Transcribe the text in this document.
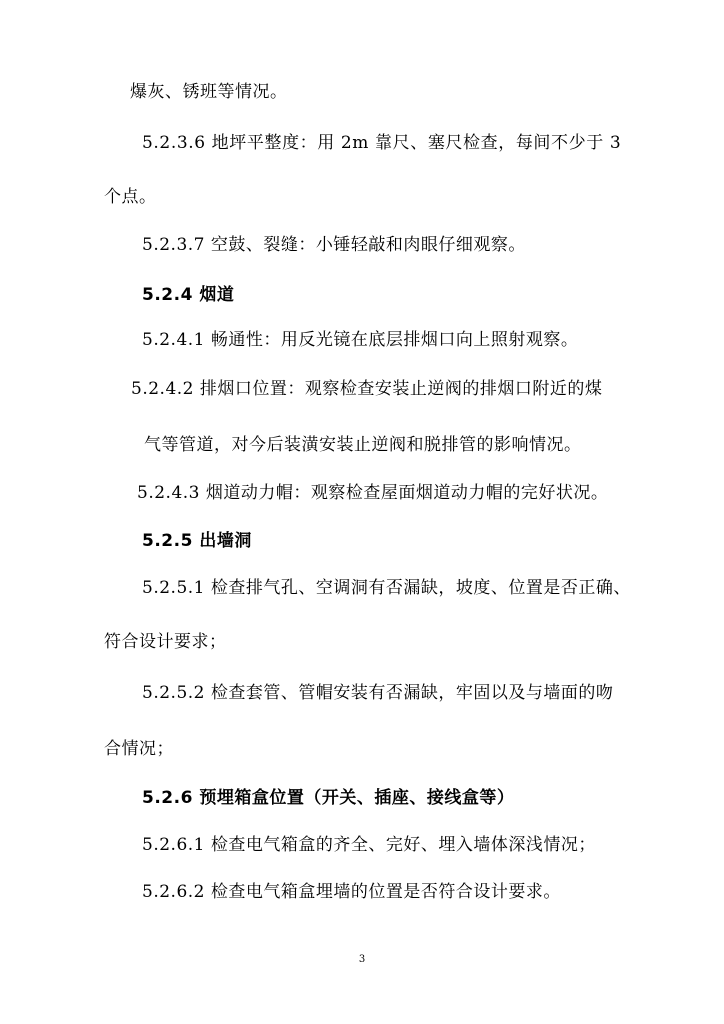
爆灰、锈班等情况。
5.2.3.6 地坪平整度：用 2m 靠尺、塞尺检查，每间不少于 3
个点。
5.2.3.7 空鼓、裂缝：小锤轻敲和肉眼仔细观察。
5.2.4 烟道
5.2.4.1 畅通性：用反光镜在底层排烟口向上照射观察。
5.2.4.2 排烟口位置：观察检查安装止逆阀的排烟口附近的煤
气等管道，对今后装潢安装止逆阀和脱排管的影响情况。
5.2.4.3 烟道动力帽：观察检查屋面烟道动力帽的完好状况。
5.2.5 出墙洞
5.2.5.1 检查排气孔、空调洞有否漏缺，坡度、位置是否正确、
符合设计要求；
5.2.5.2 检查套管、管帽安装有否漏缺，牢固以及与墙面的吻
合情况；
5.2.6 预埋箱盒位置（开关、插座、接线盒等）
5.2.6.1 检查电气箱盒的齐全、完好、埋入墙体深浅情况；
5.2.6.2 检查电气箱盒埋墙的位置是否符合设计要求。
3
